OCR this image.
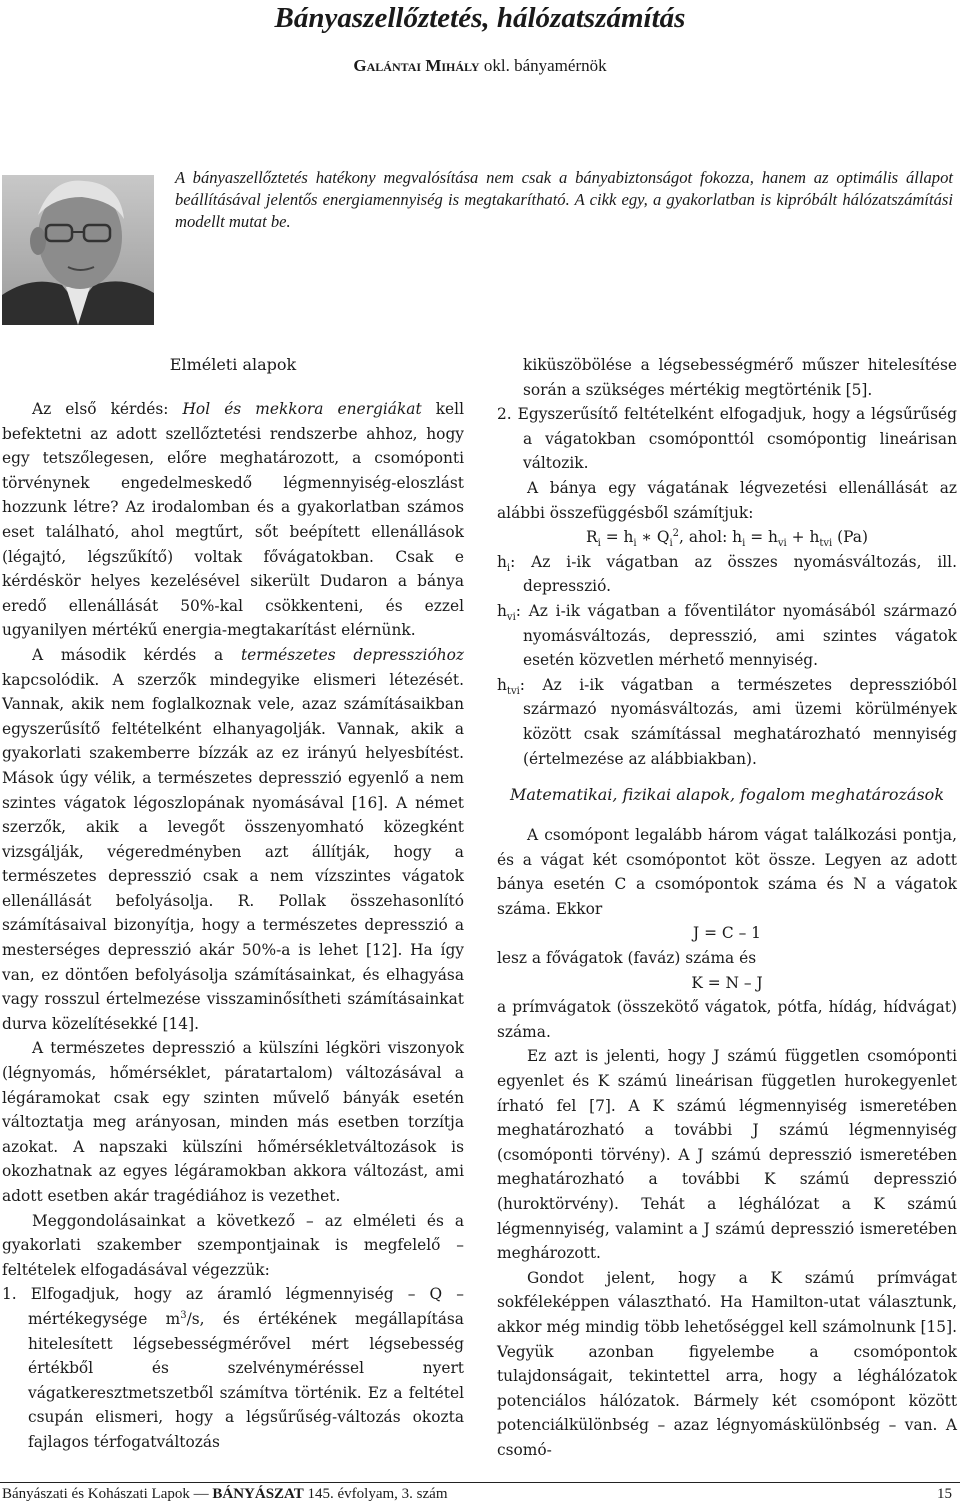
Bányaszellőztetés, hálózatszámítás
Galántai Mihály okl. bányamérnök
A bányaszellőztetés hatékony megvalósítása nem csak a bányabiztonságot fokozza, hanem az optimális állapot beállításával jelentős energiamennyiség is megtakarítható. A cikk egy, a gyakorlatban is kipróbált hálózatszámítási modellt mutat be.
Elméleti alapok

Az első kérdés: Hol és mekkora energiákat kell befektetni az adott szellőztetési rendszerbe ahhoz, hogy egy tetszőlegesen, előre meghatározott, a csomóponti törvénynek engedelmeskedő légmennyiség-eloszlást hozzunk létre? Az irodalomban és a gyakorlatban számos eset található, ahol megtűrt, sőt beépített ellenállások (légajtó, légszűkítő) voltak fővágatokban. Csak e kérdéskör helyes kezelésével sikerült Dudaron a bánya eredő ellenállását 50%-kal csökkenteni, és ezzel ugyanilyen mértékű energia-megtakarítást elérnünk.

A második kérdés a természetes depresszióhoz kapcsolódik. A szerzők mindegyike elismeri létezését. Vannak, akik nem foglalkoznak vele, azaz számításaikban egyszerűsítő feltételként elhanyagolják. Vannak, akik a gyakorlati szakemberre bízzák az ez irányú helyesbítést. Mások úgy vélik, a természetes depresszió egyenlő a nem szintes vágatok légoszlopának nyomásával [16]. A német szerzők, akik a levegőt összenyomható közegként vizsgálják, végeredményben azt állítják, hogy a természetes depresszió csak a nem vízszintes vágatok ellenállását befolyásolja. R. Pollak összehasonlító számításaival bizonyítja, hogy a természetes depresszió a mesterséges depresszió akár 50%-a is lehet [12]. Ha így van, ez döntően befolyásolja számításainkat, és elhagyása vagy rosszul értelmezése visszaminősítheti számításainkat durva közelítésekké [14].

A természetes depresszió a külszíni légköri viszonyok (légnyomás, hőmérséklet, páratartalom) változásával a légáramokat csak egy szinten művelő bányák esetén változtatja meg arányosan, minden más esetben torzítja azokat. A napszaki külszíni hőmérsékletváltozások is okozhatnak az egyes légáramokban akkora változást, ami adott esetben akár tragédiához is vezethet.

Meggondolásainkat a következő – az elméleti és a gyakorlati szakember szempontjainak is megfelelő – feltételek elfogadásával végezzük:

1. Elfogadjuk, hogy az áramló légmennyiség – Q – mértékegysége $m^3/s$, és értékének megállapítása hitelesített légsebességmérővel mért légsebesség értékből és szelvényméréssel nyert vágatkeresztmetszetből számítva történik. Ez a feltétel csupán elismeri, hogy a légsűrűség-változás okozta fajlagos térfogatváltozás

kiküszöbölése a légsebességmérő műszer hitelesítése során a szükséges mértékig megtörténik [5].

2. Egyszerűsítő feltételként elfogadjuk, hogy a légsűrűség a vágatokban csomóponttól csomópontig lineárisan változik.

A bánya egy vágatának légvezetési ellenállását az alábbi összefüggésből számítjuk:

$R_i = h_i$ ∗ $Q_i^2$, ahol: $h_i = h_{vi} + h_{tvi}$ (Pa)

$h_i$: Az i-ik vágatban az összes nyomásváltozás, ill. depresszió.

$h_{vi}$: Az i-ik vágatban a főventilátor nyomásából származó nyomásváltozás, depresszió, ami szintes vágatok esetén közvetlen mérhető mennyiség.

$h_{tvi}$: Az i-ik vágatban a természetes depresszióból származó nyomásváltozás, ami üzemi körülmények között csak számítással meghatározható mennyiség (értelmezése az alábbiakban).

Matematikai, fizikai alapok, fogalom meghatározások

A csomópont legalább három vágat találkozási pontja, és a vágat két csomópontot köt össze. Legyen az adott bánya esetén C a csomópontok száma és N a vágatok száma. Ekkor

J = C – 1

lesz a fővágatok (faváz) száma és

K = N – J

a prímvágatok (összekötő vágatok, pótfa, hídág, hídvágat) száma.

Ez azt is jelenti, hogy J számú független csomóponti egyenlet és K számú lineárisan független hurokegyenlet írható fel [7]. A K számú légmennyiség ismeretében meghatározható a további J számú légmennyiség (csomóponti törvény). A J számú depresszió ismeretében meghatározható a további K számú depresszió (huroktörvény). Tehát a léghálózat a K számú légmennyiség, valamint a J számú depresszió ismeretében meghározott.

Gondot jelent, hogy a K számú prímvágat sokféleképpen választható. Ha Hamilton-utat választunk, akkor még mindig több lehetőséggel kell számolnunk [15]. Vegyük azonban figyelembe a csomópontok tulajdonságait, tekintettel arra, hogy a léghálózatok potenciálos hálózatok. Bármely két csomópont között potenciálkülönbség – azaz légnyomáskülönbség – van. A csomó-

Bányászati és Kohászati Lapok — BÁNYÁSZAT 145. évfolyam, 3. szám	15
